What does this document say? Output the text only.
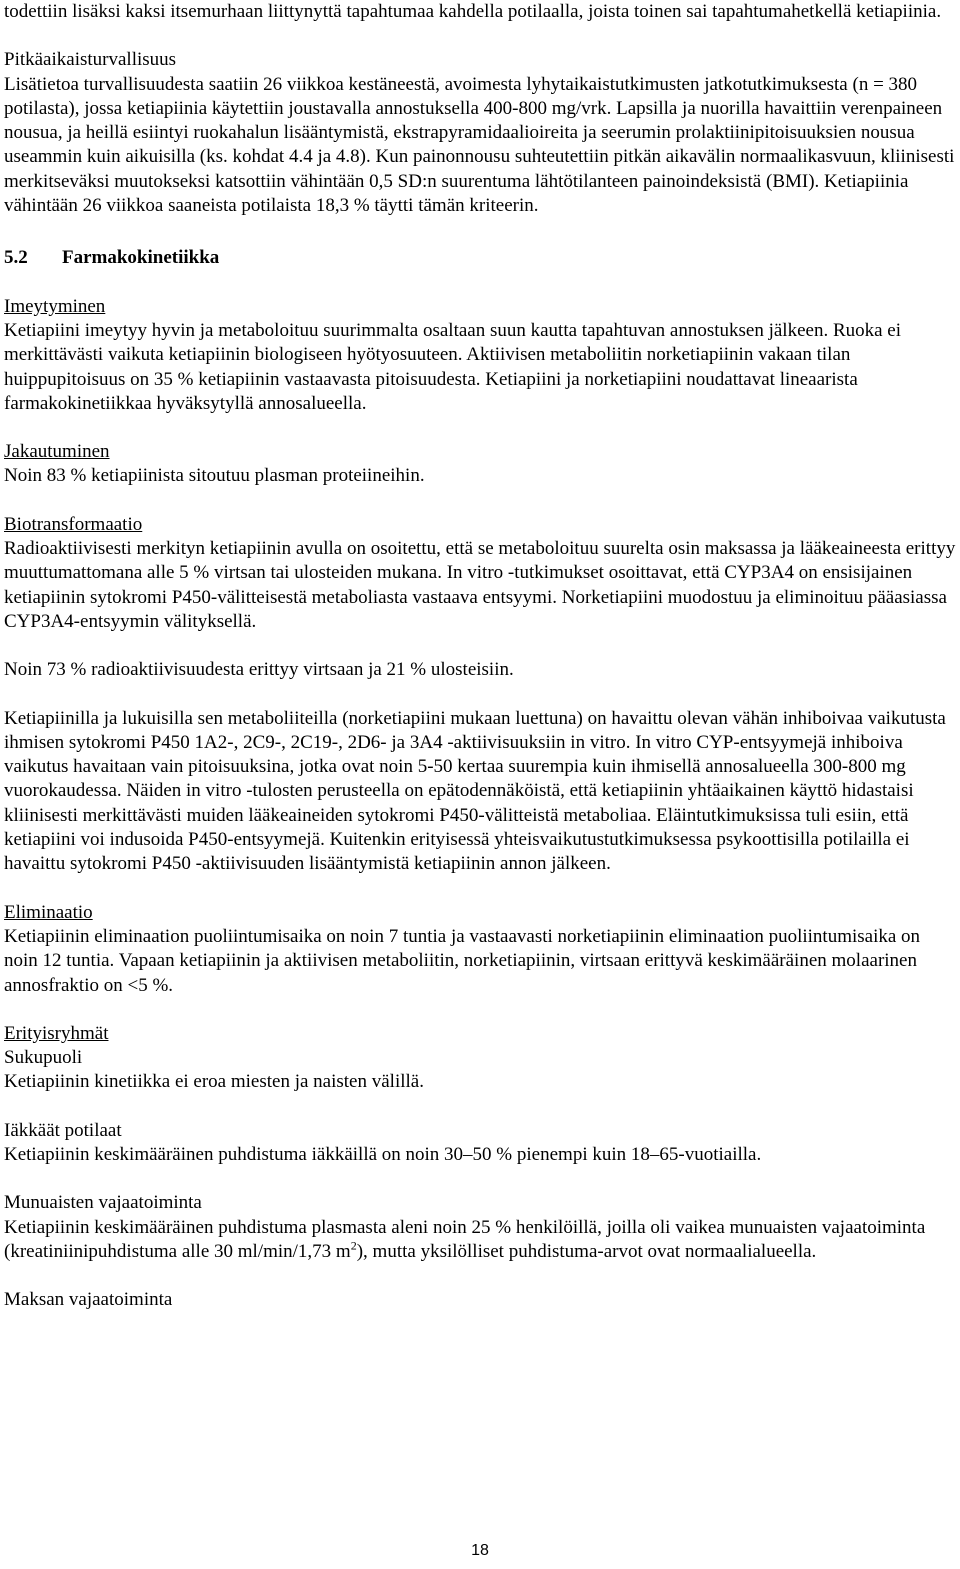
todettiin lisäksi kaksi itsemurhaan liittynyttä tapahtumaa kahdella potilaalla, joista toinen sai tapahtumahetkellä ketiapiinia.

Pitkäaikaisturvallisuus

Lisätietoa turvallisuudesta saatiin 26 viikkoa kestäneestä, avoimesta lyhytaikaistutkimusten jatkotutkimuksesta (n = 380 potilasta), jossa ketiapiinia käytettiin joustavalla annostuksella 400-800 mg/vrk. Lapsilla ja nuorilla havaittiin verenpaineen nousua, ja heillä esiintyi ruokahalun lisääntymistä, ekstrapyramidaalioireita ja seerumin prolaktiinipitoisuuksien nousua useammin kuin aikuisilla (ks. kohdat 4.4 ja 4.8). Kun painonnousu suhteutettiin pitkän aikavälin normaalikasvuun, kliinisesti merkitseväksi muutokseksi katsottiin vähintään 0,5 SD:n suurentuma lähtötilanteen painoindeksistä (BMI). Ketiapiinia vähintään 26 viikkoa saaneista potilaista 18,3 % täytti tämän kriteerin.

5.2 Farmakokinetiikka

Imeytyminen

Ketiapiini imeytyy hyvin ja metaboloituu suurimmalta osaltaan suun kautta tapahtuvan annostuksen jälkeen. Ruoka ei merkittävästi vaikuta ketiapiinin biologiseen hyötyosuuteen. Aktiivisen metaboliitin norketiapiinin vakaan tilan huippupitoisuus on 35 % ketiapiinin vastaavasta pitoisuudesta. Ketiapiini ja norketiapiini noudattavat lineaarista farmakokinetiikkaa hyväksytyllä annosalueella.

Jakautuminen

Noin 83 % ketiapiinista sitoutuu plasman proteiineihin.

Biotransformaatio

Radioaktiivisesti merkityn ketiapiinin avulla on osoitettu, että se metaboloituu suurelta osin maksassa ja lääkeaineesta erittyy muuttumattomana alle 5 % virtsan tai ulosteiden mukana. In vitro -tutkimukset osoittavat, että CYP3A4 on ensisijainen ketiapiinin sytokromi P450-välitteisestä metaboliasta vastaava entsyymi. Norketiapiini muodostuu ja eliminoituu pääasiassa CYP3A4-entsyymin välityksellä.

Noin 73 % radioaktiivisuudesta erittyy virtsaan ja 21 % ulosteisiin.

Ketiapiinilla ja lukuisilla sen metaboliiteilla (norketiapiini mukaan luettuna) on havaittu olevan vähän inhiboivaa vaikutusta ihmisen sytokromi P450 1A2-, 2C9-, 2C19-, 2D6- ja 3A4 -aktiivisuuksiin in vitro. In vitro CYP-entsyymejä inhiboiva vaikutus havaitaan vain pitoisuuksina, jotka ovat noin 5-50 kertaa suurempia kuin ihmisellä annosalueella 300-800 mg vuorokaudessa. Näiden in vitro -tulosten perusteella on epätodennäköistä, että ketiapiinin yhtäaikainen käyttö hidastaisi kliinisesti merkittävästi muiden lääkeaineiden sytokromi P450-välitteistä metaboliaa. Eläintutkimuksissa tuli esiin, että ketiapiini voi indusoida P450-entsyymejä. Kuitenkin erityisessä yhteisvaikutustutkimuksessa psykoottisilla potilailla ei havaittu sytokromi P450 -aktiivisuuden lisääntymistä ketiapiinin annon jälkeen.

Eliminaatio

Ketiapiinin eliminaation puoliintumisaika on noin 7 tuntia ja vastaavasti norketiapiinin eliminaation puoliintumisaika on noin 12 tuntia. Vapaan ketiapiinin ja aktiivisen metaboliitin, norketiapiinin, virtsaan erittyvä keskimääräinen molaarinen annosfraktio on <5 %.

Erityisryhmät

Sukupuoli

Ketiapiinin kinetiikka ei eroa miesten ja naisten välillä.

Iäkkäät potilaat

Ketiapiinin keskimääräinen puhdistuma iäkkäillä on noin 30–50 % pienempi kuin 18–65-vuotiailla.

Munuaisten vajaatoiminta

Ketiapiinin keskimääräinen puhdistuma plasmasta aleni noin 25 % henkilöillä, joilla oli vaikea munuaisten vajaatoiminta (kreatiniinipuhdistuma alle 30 ml/min/1,73 $m^2$), mutta yksilölliset puhdistuma-arvot ovat normaalialueella.

Maksan vajaatoiminta

18
